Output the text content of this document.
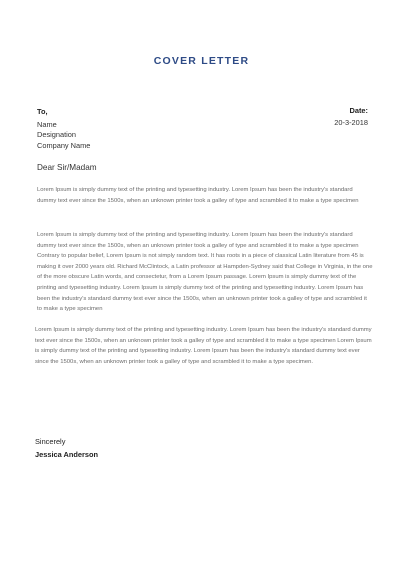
COVER LETTER
To,
Name
Designation
Company Name
Date:
20-3-2018
Dear Sir/Madam

Lorem Ipsum is simply dummy text of the printing and typesetting industry. Lorem Ipsum has been the industry's standard dummy text ever since the 1500s, when an unknown printer took a galley of type and scrambled it to make a type specimen

Lorem Ipsum is simply dummy text of the printing and typesetting industry. Lorem Ipsum has been the industry's standard dummy text ever since the 1500s, when an unknown printer took a galley of type and scrambled it to make a type specimen Contrary to popular belief, Lorem Ipsum is not simply random text. It has roots in a piece of classical Latin literature from 45 is making it over 2000 years old. Richard McClintock, a Latin professor at Hampden-Sydney said that College in Virginia, in the one of the more obscure Latin words, and consectetur, from a Lorem Ipsum passage. Lorem Ipsum is simply dummy text of the printing and typesetting industry. Lorem Ipsum is simply dummy text of the printing and typesetting industry. Lorem Ipsum has been the industry's standard dummy text ever since the 1500s, when an unknown printer took a galley of type and scrambled it to make a type specimen

Lorem Ipsum is simply dummy text of the printing and typesetting industry. Lorem Ipsum has been the industry's standard dummy text ever since the 1500s, when an unknown printer took a galley of type and scrambled it to make a type specimen Lorem Ipsum is simply dummy text of the printing and typesetting industry. Lorem Ipsum has been the industry's standard dummy text ever since the 1500s, when an unknown printer took a galley of type and scrambled it to make a type specimen.

Sincerely
Jessica Anderson
